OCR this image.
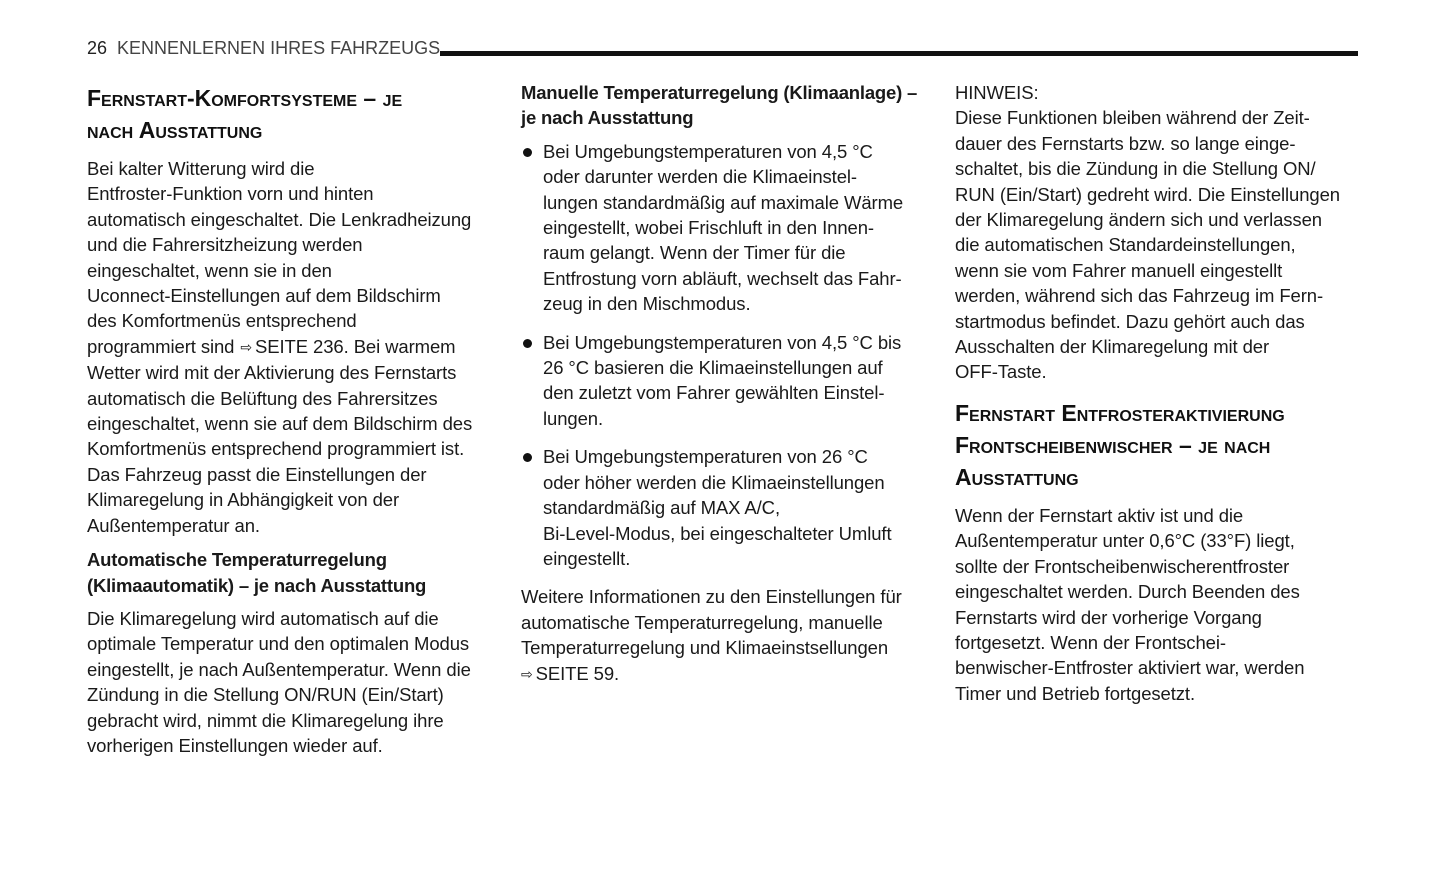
26 KENNENLERNEN IHRES FAHRZEUGS
Fernstart-Komfortsysteme – je
nach Ausstattung
Bei kalter Witterung wird die
Entfroster-Funktion vorn und hinten
automatisch eingeschaltet. Die Lenkradheizung
und die Fahrersitzheizung werden
eingeschaltet, wenn sie in den
Uconnect-Einstellungen auf dem Bildschirm
des Komfortmenüs entsprechend
programmiert sind ⇨ SEITE 236. Bei warmem
Wetter wird mit der Aktivierung des Fernstarts
automatisch die Belüftung des Fahrersitzes
eingeschaltet, wenn sie auf dem Bildschirm des
Komfortmenüs entsprechend programmiert ist.
Das Fahrzeug passt die Einstellungen der
Klimaregelung in Abhängigkeit von der
Außentemperatur an.
Automatische Temperaturregelung
(Klimaautomatik) – je nach Ausstattung
Die Klimaregelung wird automatisch auf die
optimale Temperatur und den optimalen Modus
eingestellt, je nach Außentemperatur. Wenn die
Zündung in die Stellung ON/RUN (Ein/Start)
gebracht wird, nimmt die Klimaregelung ihre
vorherigen Einstellungen wieder auf.
Manuelle Temperaturregelung (Klimaanlage) –
je nach Ausstattung
Bei Umgebungstemperaturen von 4,5 °C
oder darunter werden die Klimaeinstel-
lungen standardmäßig auf maximale Wärme
eingestellt, wobei Frischluft in den Innen-
raum gelangt. Wenn der Timer für die
Entfrostung vorn abläuft, wechselt das Fahr-
zeug in den Mischmodus.
Bei Umgebungstemperaturen von 4,5 °C bis
26 °C basieren die Klimaeinstellungen auf
den zuletzt vom Fahrer gewählten Einstel-
lungen.
Bei Umgebungstemperaturen von 26 °C
oder höher werden die Klimaeinstellungen
standardmäßig auf MAX A/C,
Bi-Level-Modus, bei eingeschalteter Umluft
eingestellt.
Weitere Informationen zu den Einstellungen für
automatische Temperaturregelung, manuelle
Temperaturregelung und Klimaeinstsellungen
⇨ SEITE 59.
HINWEIS:
Diese Funktionen bleiben während der Zeit-
dauer des Fernstarts bzw. so lange einge-
schaltet, bis die Zündung in die Stellung ON/
RUN (Ein/Start) gedreht wird. Die Einstellungen
der Klimaregelung ändern sich und verlassen
die automatischen Standardeinstellungen,
wenn sie vom Fahrer manuell eingestellt
werden, während sich das Fahrzeug im Fern-
startmodus befindet. Dazu gehört auch das
Ausschalten der Klimaregelung mit der
OFF-Taste.
Fernstart Entfrosteraktivierung
Frontscheibenwischer – je nach
Ausstattung
Wenn der Fernstart aktiv ist und die
Außentemperatur unter 0,6°C (33°F) liegt,
sollte der Frontscheibenwischerentfroster
eingeschaltet werden. Durch Beenden des
Fernstarts wird der vorherige Vorgang
fortgesetzt. Wenn der Frontschei-
benwischer-Entfroster aktiviert war, werden
Timer und Betrieb fortgesetzt.
